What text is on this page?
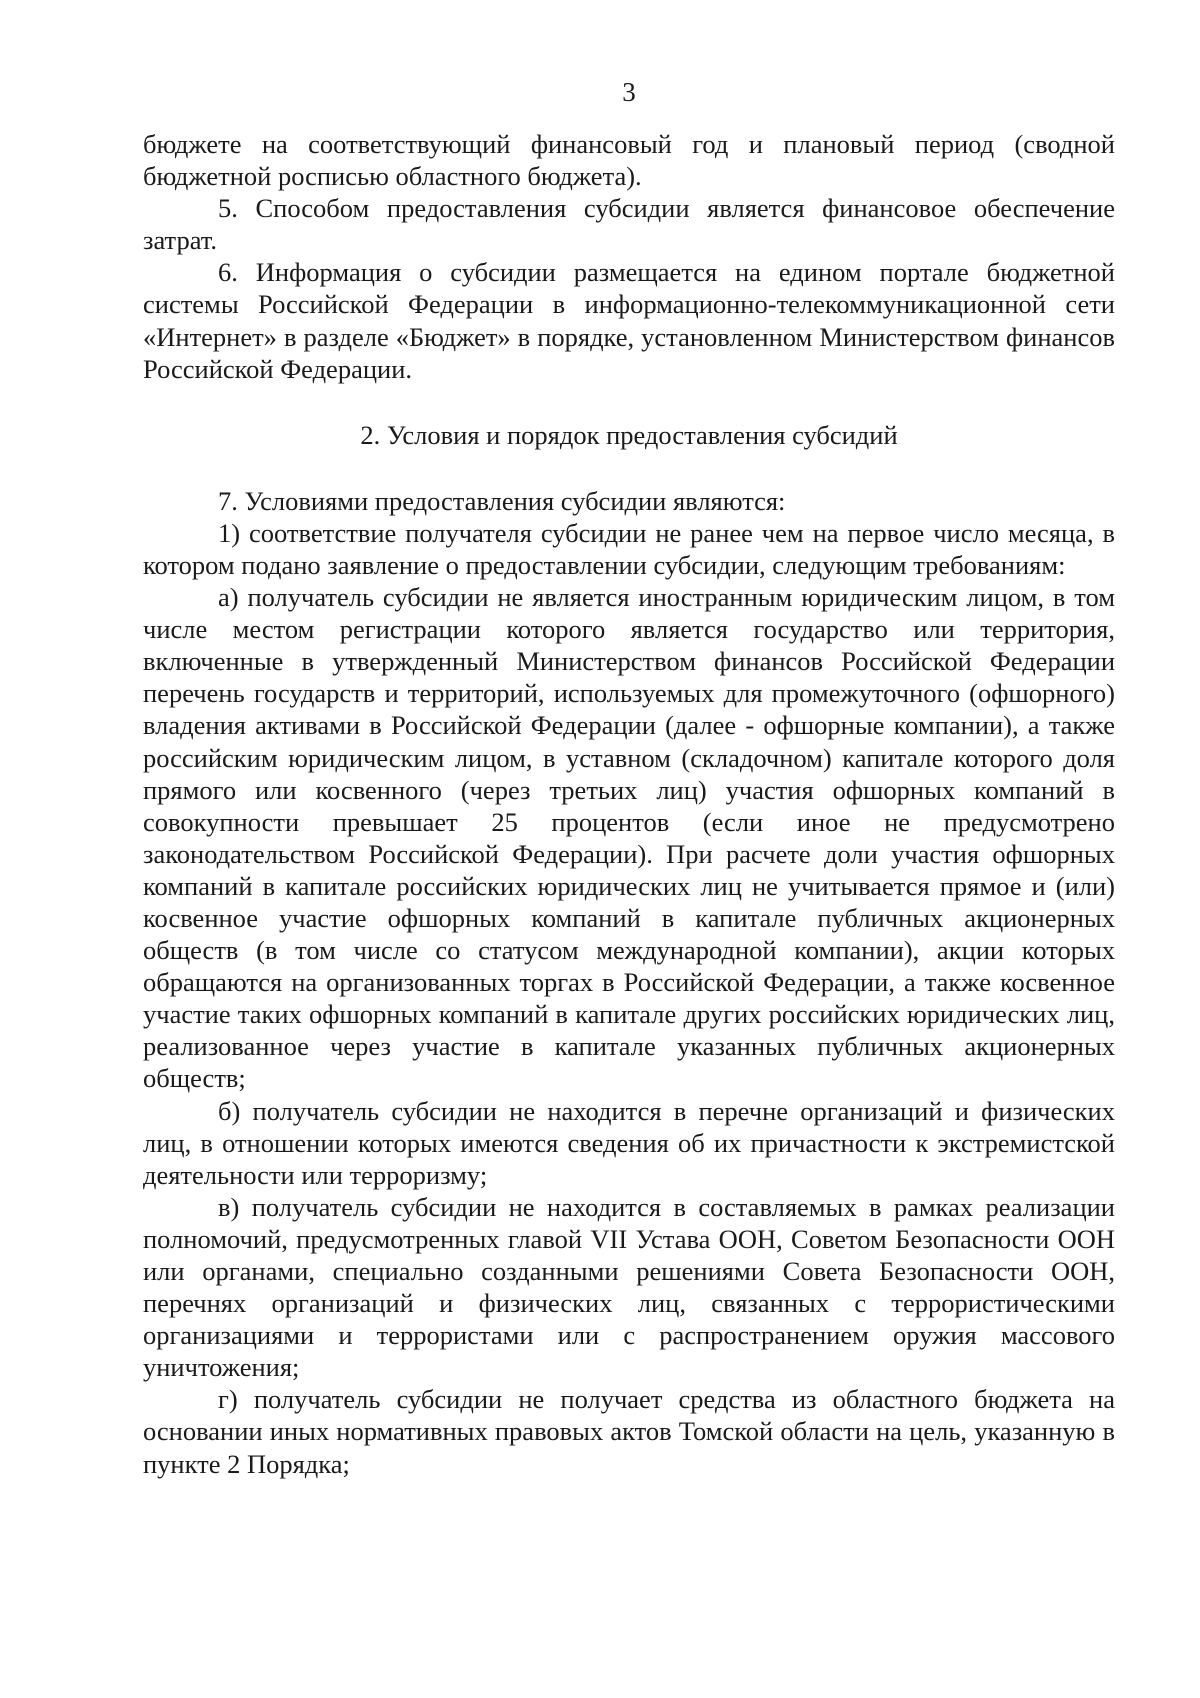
3

бюджете на соответствующий финансовый год и плановый период (сводной бюджетной росписью областного бюджета).

5. Способом предоставления субсидии является финансовое обеспечение затрат.

6. Информация о субсидии размещается на едином портале бюджетной системы Российской Федерации в информационно-телекоммуникационной сети «Интернет» в разделе «Бюджет» в порядке, установленном Министерством финансов Российской Федерации.

2. Условия и порядок предоставления субсидий

7. Условиями предоставления субсидии являются:

1) соответствие получателя субсидии не ранее чем на первое число месяца, в котором подано заявление о предоставлении субсидии, следующим требованиям:

а) получатель субсидии не является иностранным юридическим лицом, в том числе местом регистрации которого является государство или территория, включенные в утвержденный Министерством финансов Российской Федерации перечень государств и территорий, используемых для промежуточного (офшорного) владения активами в Российской Федерации (далее - офшорные компании), а также российским юридическим лицом, в уставном (складочном) капитале которого доля прямого или косвенного (через третьих лиц) участия офшорных компаний в совокупности превышает 25 процентов (если иное не предусмотрено законодательством Российской Федерации). При расчете доли участия офшорных компаний в капитале российских юридических лиц не учитывается прямое и (или) косвенное участие офшорных компаний в капитале публичных акционерных обществ (в том числе со статусом международной компании), акции которых обращаются на организованных торгах в Российской Федерации, а также косвенное участие таких офшорных компаний в капитале других российских юридических лиц, реализованное через участие в капитале указанных публичных акционерных обществ;

б) получатель субсидии не находится в перечне организаций и физических лиц, в отношении которых имеются сведения об их причастности к экстремистской деятельности или терроризму;

в) получатель субсидии не находится в составляемых в рамках реализации полномочий, предусмотренных главой VII Устава ООН, Советом Безопасности ООН или органами, специально созданными решениями Совета Безопасности ООН, перечнях организаций и физических лиц, связанных с террористическими организациями и террористами или с распространением оружия массового уничтожения;

г) получатель субсидии не получает средства из областного бюджета на основании иных нормативных правовых актов Томской области на цель, указанную в пункте 2 Порядка;
